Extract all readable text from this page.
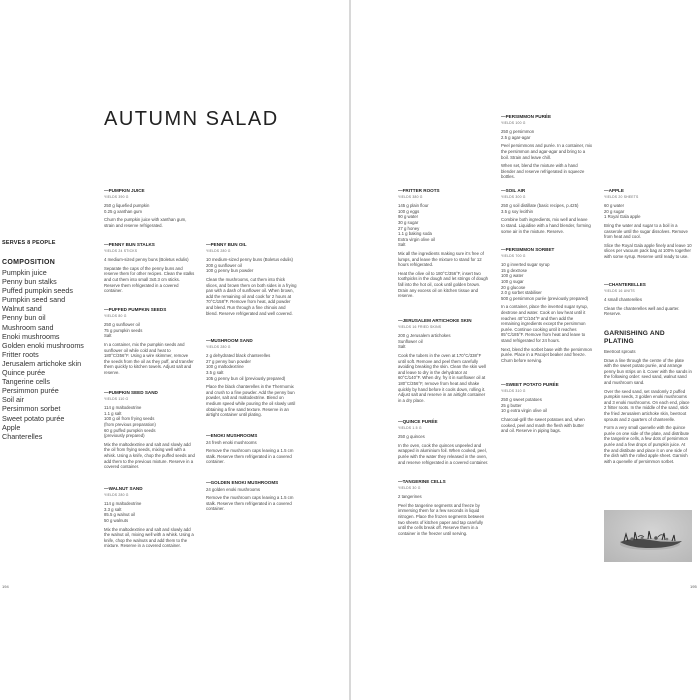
AUTUMN SALAD
SERVES 8 PEOPLE
COMPOSITION
Pumpkin juice
Penny bun stalks
Puffed pumpkin seeds
Pumpkin seed sand
Walnut sand
Penny bun oil
Mushroom sand
Enoki mushrooms
Golden enoki mushrooms
Fritter roots
Jerusalem artichoke skin
Quince purée
Tangerine cells
Persimmon purée
Soil air
Persimmon sorbet
Sweet potato purée
Apple
Chanterelles
—PUMPKIN JUICE
YIELDS 390 G
250 g liquefied pumpkin
0.25 g xanthan gum

Churn the pumpkin juice with xanthan gum, strain and reserve refrigerated.

—PENNY BUN STALKS
YIELDS 24 STICKS
4 medium-sized penny buns (Boletus edulis)

Separate the caps of the penny buns and reserve them for other recipes. Clean the stalks and cut them into small 3x0.3 cm sticks. Reserve them refrigerated in a covered container.

—PUFFED PUMPKIN SEEDS
YIELDS 80 G
250 g sunflower oil
75 g pumpkin seeds
Salt

In a container, mix the pumpkin seeds and sunflower oil while cold and heat to 180°C/356°F. Using a wire skimmer, remove the seeds from the oil as they puff, and transfer them quickly to kitchen towels. Adjust salt and reserve.

—PUMPKIN SEED SAND
YIELDS 110 G
114 g maltodextrine
1.1 g salt
100 g oil from frying seeds
(from previous preparation)
60 g puffed pumpkin seeds
(previously prepared)

Mix the maltodextrine and salt and slowly add the oil from frying seeds, mixing well with a whisk. Using a knife, chop the puffed seeds and add them to the previous mixture. Reserve in a covered container.

—WALNUT SAND
YIELDS 280 G
114 g maltodextrine
3.3 g salt
85.5 g walnut oil
50 g walnuts

Mix the maltodextrine and salt and slowly add the walnut oil, mixing well with a whisk. Using a knife, chop the walnuts and add them to the mixture. Reserve in a covered container.

—PENNY BUN OIL
YIELDS 280 G
10 medium-sized penny buns (Boletus edulis)
200 g sunflower oil
100 g penny bun powder

Clean the mushrooms, cut them into thick slices, and brown them on both sides in a frying pan with a dash of sunflower oil. When brown, add the remaining oil and cook for 2 hours at 70°C/158°F. Remove from heat, add powder and blend. Run through a fine chinois and blend. Reserve refrigerated and well covered.

—MUSHROOM SAND
YIELDS 280 G
2 g dehydrated black chanterelles
27 g penny bun powder
100 g maltodextrine
3.5 g salt
105 g penny bun oil (previously prepared)

Place the black chanterelles in the Thermomix and crush to a fine powder. Add the penny bun powder, salt and maltodextrine. Blend on medium speed while pouring the oil slowly until obtaining a fine sand texture. Reserve in an airtight container until plating.

—ENOKI MUSHROOMS
24 fresh enoki mushrooms

Remove the mushroom caps leaving a 1.5 cm stalk. Reserve them refrigerated in a covered container.

—GOLDEN ENOKI MUSHROOMS
24 golden enoki mushrooms

Remove the mushroom caps leaving a 1.5 cm stalk. Reserve them refrigerated in a covered container.

—FRITTER ROOTS
YIELDS 380 G
145 g plain flour
100 g eggs
90 g water
30 g sugar
27 g honey
1.1 g baking soda
Extra virgin olive oil
Salt

Mix all the ingredients making sure it's free of lumps, and leave the mixture to stand for 12 hours refrigerated.

Heat the olive oil to 180°C/356°F, insert two toothpicks in the dough and let strings of dough fall into the hot oil, cook until golden brown. Drain any excess oil on kitchen tissue and reserve.

—JERUSALEM ARTICHOKE SKIN
YIELDS 16 FRIED SKINS
200 g Jerusalem artichokes
Sunflower oil
Salt

Cook the tubers in the oven at 170°C/338°F until soft. Remove and peel them carefully avoiding breaking the skin. Clean the skin well and leave to dry in the dehydrator at 60°C/140°F. When dry, fry it in sunflower oil at 180°C/356°F, remove from heat and shake quickly by hand before it cools down, rolling it. Adjust salt and reserve in an airtight container in a dry place.

—QUINCE PURÉE
YIELDS 1.5 G
250 g quinces

In the oven, cook the quinces unpeeled and wrapped in aluminium foil. When cooked, peel, purée with the water they released in the oven, and reserve refrigerated in a covered container.

—TANGERINE CELLS
YIELDS 30 G
2 tangerines

Peel the tangerine segments and freeze by immersing them for a few seconds in liquid nitrogen. Place the frozen segments between two sheets of kitchen paper and tap carefully until the cells break off. Reserve them in a container in the freezer until serving.

—PERSIMMON PURÉE
YIELDS 100 G
250 g persimmon
2.5 g agar-agar

Peel persimmons and purée. In a container, mix the persimmon and agar-agar and bring to a boil. Strain and leave chill.

When set, blend the mixture with a hand blender and reserve refrigerated in squeeze bottles.

—SOIL AIR
YIELDS 300 G
250 g soil distillate (basic recipes, p.425)
3.5 g soy lecithin

Combine both ingredients, mix well and leave to stand. Liquidise with a hand blender, forming some air in the mixture. Reserve.

—PERSIMMON SORBET
YIELDS 700 G
10 g inverted sugar syrup
15 g dextrose
100 g water
100 g sugar
20 g glucose
2.0 g sorbet stabiliser
500 g persimmon purée (previously prepared)

In a container, place the inverted sugar syrup, dextrose and water. Cook on low heat until it reaches 40°C/104°F and then add the remaining ingredients except the persimmon purée. Continue cooking until it reaches 85°C/185°F. Remove from heat and leave to stand refrigerated for 24 hours.

Next, blend the sorbet base with the persimmon purée. Place in a Pacojet beaker and freeze. Churn before serving.

—SWEET POTATO PURÉE
YIELDS 310 G
250 g sweet potatoes
25 g butter
10 g extra virgin olive oil

Charcoal-grill the sweet potatoes and, when cooked, peel and mash the flesh with butter and oil. Reserve in piping bags.

—APPLE
YIELDS 20 SHEETS
60 g water
20 g sugar
1 Royal Gala apple

Bring the water and sugar to a boil in a casserole until the sugar dissolves. Remove from heat and cool.

Slice the Royal Gala apple finely and leave 10 slices per vacuum pack bag at 100% together with some syrup. Reserve until ready to use.

—CHANTERELLES
YIELDS 16 UNITS
4 small chanterelles

Clean the chanterelles well and quarter. Reserve.

GARNISHING AND PLATING

Beetroot sprouts

Draw a line through the centre of the plate with the sweet potato purée, and arrange penny bun strips on it. Cover with the sands in the following order: seed sand, walnut sand and mushroom sand.

Over the seed sand, set randomly 2 puffed pumpkin seeds, 3 golden enoki mushrooms and 3 enoki mushrooms. On each end, place 2 fritter roots. In the middle of the sand, stick the fried Jerusalem artichoke skin, beetroot sprouts and 2 quarters of chanterelle.

Form a very small quenelle with the quince purée on one side of the plate, and distribute the tangerine cells, a few dots of persimmon purée and a few drops of pumpkin juice. At the and distibute and place it on one side of the dish with the rolled apple sheet. Garnish with a quenelle of persimmon sorbet.

194	195
